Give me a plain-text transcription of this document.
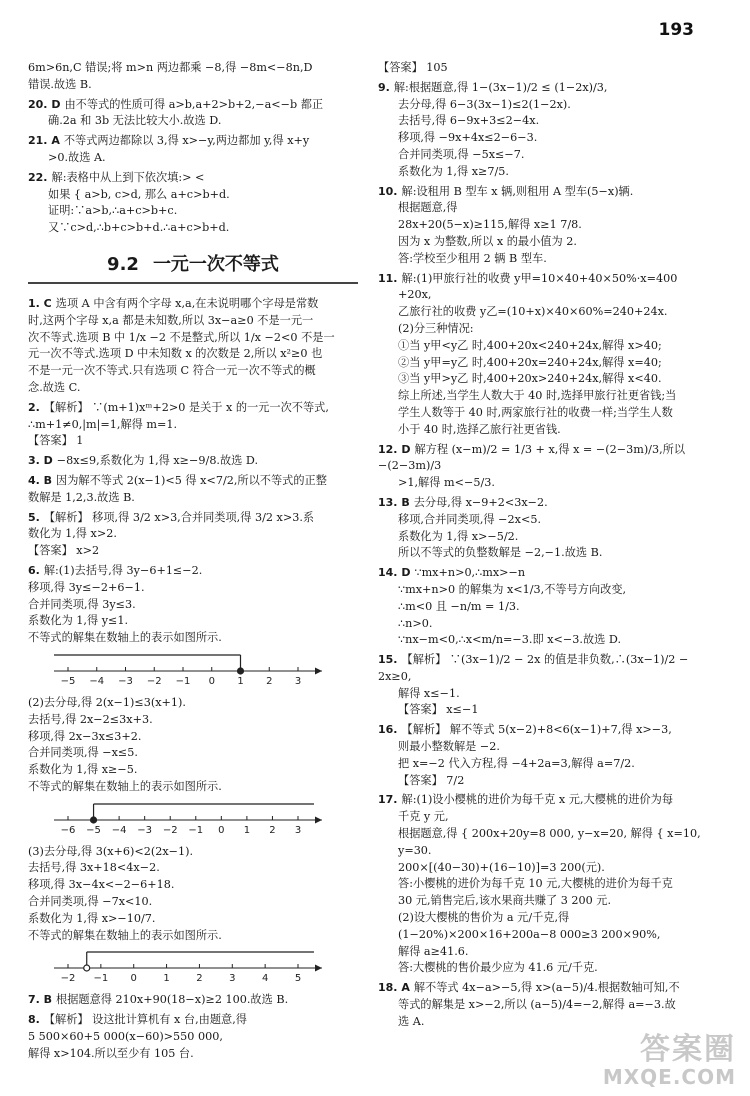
193

6m>6n,C 错误;将 m>n 两边都乘 −8,得 −8m<−8n,D

错误.故选 B.

20. D 由不等式的性质可得 a>b,a+2>b+2,−a<−b 都正

确.2a 和 3b 无法比较大小.故选 D.

21. A 不等式两边都除以 3,得 x>−y,两边都加 y,得 x+y

>0.故选 A.

22. 解:表格中从上到下依次填:> <

如果 { a>b, c>d, 那么 a+c>b+d.

证明:∵a>b,∴a+c>b+c.

又∵c>d,∴b+c>b+d.∴a+c>b+d.

9.2 一元一次不等式

1. C 选项 A 中含有两个字母 x,a,在未说明哪个字母是常数

时,这两个字母 x,a 都是未知数,所以 3x−a≥0 不是一元一

次不等式.选项 B 中 1/x −2 不是整式,所以 1/x −2<0 不是一

元一次不等式.选项 D 中未知数 x 的次数是 2,所以 x²≥0 也

不是一元一次不等式.只有选项 C 符合一元一次不等式的概

念.故选 C.

2. 【解析】 ∵(m+1)xᵐ+2>0 是关于 x 的一元一次不等式,

∴m+1≠0,|m|=1,解得 m=1.

【答案】 1

3. D −8x≤9,系数化为 1,得 x≥−9/8.故选 D.

4. B 因为解不等式 2(x−1)<5 得 x<7/2,所以不等式的正整

数解是 1,2,3.故选 B.

5. 【解析】 移项,得 3/2 x>3,合并同类项,得 3/2 x>3.系

数化为 1,得 x>2.

【答案】 x>2

6. 解:(1)去括号,得 3y−6+1≤−2.

移项,得 3y≤−2+6−1.

合并同类项,得 3y≤3.

系数化为 1,得 y≤1.

不等式的解集在数轴上的表示如图所示.

−5 −4 −3 −2 −1 0 1 2 3

(2)去分母,得 2(x−1)≤3(x+1).

去括号,得 2x−2≤3x+3.

移项,得 2x−3x≤3+2.

合并同类项,得 −x≤5.

系数化为 1,得 x≥−5.

不等式的解集在数轴上的表示如图所示.

−6 −5 −4 −3 −2 −1 0 1 2 3

(3)去分母,得 3(x+6)<2(2x−1).

去括号,得 3x+18<4x−2.

移项,得 3x−4x<−2−6+18.

合并同类项,得 −7x<10.

系数化为 1,得 x>−10/7.

不等式的解集在数轴上的表示如图所示.

−2 −1 0	1	2	3	4	5

7. B 根据题意得 210x+90(18−x)≥2 100.故选 B.

8. 【解析】 设这批计算机有 x 台,由题意,得

5 500×60+5 000(x−60)>550 000,

解得 x>104.所以至少有 105 台.

【答案】 105

9. 解:根据题意,得 1−(3x−1)/2 ≤ (1−2x)/3,

去分母,得 6−3(3x−1)≤2(1−2x).

去括号,得 6−9x+3≤2−4x.

移项,得 −9x+4x≤2−6−3.

合并同类项,得 −5x≤−7.

系数化为 1,得 x≥7/5.

10. 解:设租用 B 型车 x 辆,则租用 A 型车(5−x)辆.

根据题意,得

28x+20(5−x)≥115,解得 x≥1 7/8.

因为 x 为整数,所以 x 的最小值为 2.

答:学校至少租用 2 辆 B 型车.

11. 解:(1)甲旅行社的收费 y甲=10×40+40×50%·x=400

+20x,

乙旅行社的收费 y乙=(10+x)×40×60%=240+24x.

(2)分三种情况:

①当 y甲<y乙 时,400+20x<240+24x,解得 x>40;

②当 y甲=y乙 时,400+20x=240+24x,解得 x=40;

③当 y甲>y乙 时,400+20x>240+24x,解得 x<40.

综上所述,当学生人数大于 40 时,选择甲旅行社更省钱;当

学生人数等于 40 时,两家旅行社的收费一样;当学生人数

小于 40 时,选择乙旅行社更省钱.

12. D 解方程 (x−m)/2 = 1/3 + x,得 x = −(2−3m)/3,所以 −(2−3m)/3

>1,解得 m<−5/3.

13. B 去分母,得 x−9+2<3x−2.

移项,合并同类项,得 −2x<5.

系数化为 1,得 x>−5/2.

所以不等式的负整数解是 −2,−1.故选 B.

14. D ∵mx+n>0,∴mx>−n

∵mx+n>0 的解集为 x<1/3,不等号方向改变,

∴m<0 且 −n/m = 1/3.

∴n>0.

∵nx−m<0,∴x<m/n=−3.即 x<−3.故选 D.

15. 【解析】 ∵(3x−1)/2 − 2x 的值是非负数,∴(3x−1)/2 − 2x≥0,

解得 x≤−1.

【答案】 x≤−1

16. 【解析】 解不等式 5(x−2)+8<6(x−1)+7,得 x>−3,

则最小整数解是 −2.

把 x=−2 代入方程,得 −4+2a=3,解得 a=7/2.

【答案】 7/2

17. 解:(1)设小樱桃的进价为每千克 x 元,大樱桃的进价为每

千克 y 元,

根据题意,得 { 200x+20y=8 000, y−x=20, 解得 { x=10, y=30.

200×[(40−30)+(16−10)]=3 200(元).

答:小樱桃的进价为每千克 10 元,大樱桃的进价为每千克

30 元,销售完后,该水果商共赚了 3 200 元.

(2)设大樱桃的售价为 a 元/千克,得

(1−20%)×200×16+200a−8 000≥3 200×90%,

解得 a≥41.6.

答:大樱桃的售价最少应为 41.6 元/千克.

18. A 解不等式 4x−a>−5,得 x>(a−5)/4.根据数轴可知,不

等式的解集是 x>−2,所以 (a−5)/4=−2,解得 a=−3.故

选 A.

答案圈
MXQE.COM
